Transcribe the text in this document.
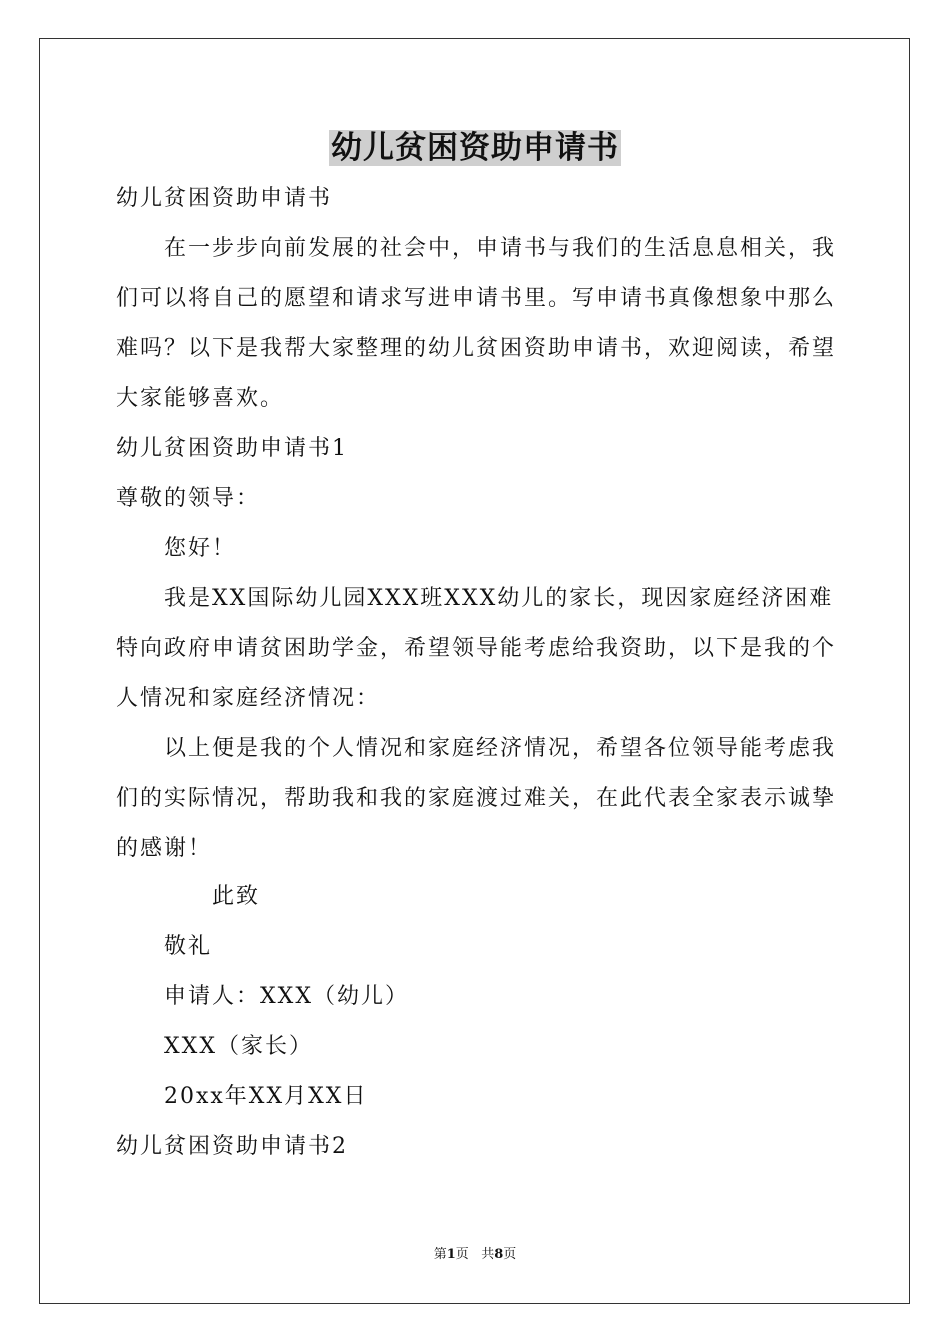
幼儿贫困资助申请书
幼儿贫困资助申请书
在一步步向前发展的社会中，申请书与我们的生活息息相关，我们可以将自己的愿望和请求写进申请书里。写申请书真像想象中那么难吗？以下是我帮大家整理的幼儿贫困资助申请书，欢迎阅读，希望大家能够喜欢。
幼儿贫困资助申请书1
尊敬的领导：
您好！
我是XX国际幼儿园XXX班XXX幼儿的家长，现因家庭经济困难特向政府申请贫困助学金，希望领导能考虑给我资助，以下是我的个人情况和家庭经济情况：
以上便是我的个人情况和家庭经济情况，希望各位领导能考虑我们的实际情况，帮助我和我的家庭渡过难关，在此代表全家表示诚挚的感谢！
此致
敬礼
申请人：XXX（幼儿）
XXX（家长）
20xx年XX月XX日
幼儿贫困资助申请书2
第1页 共8页
